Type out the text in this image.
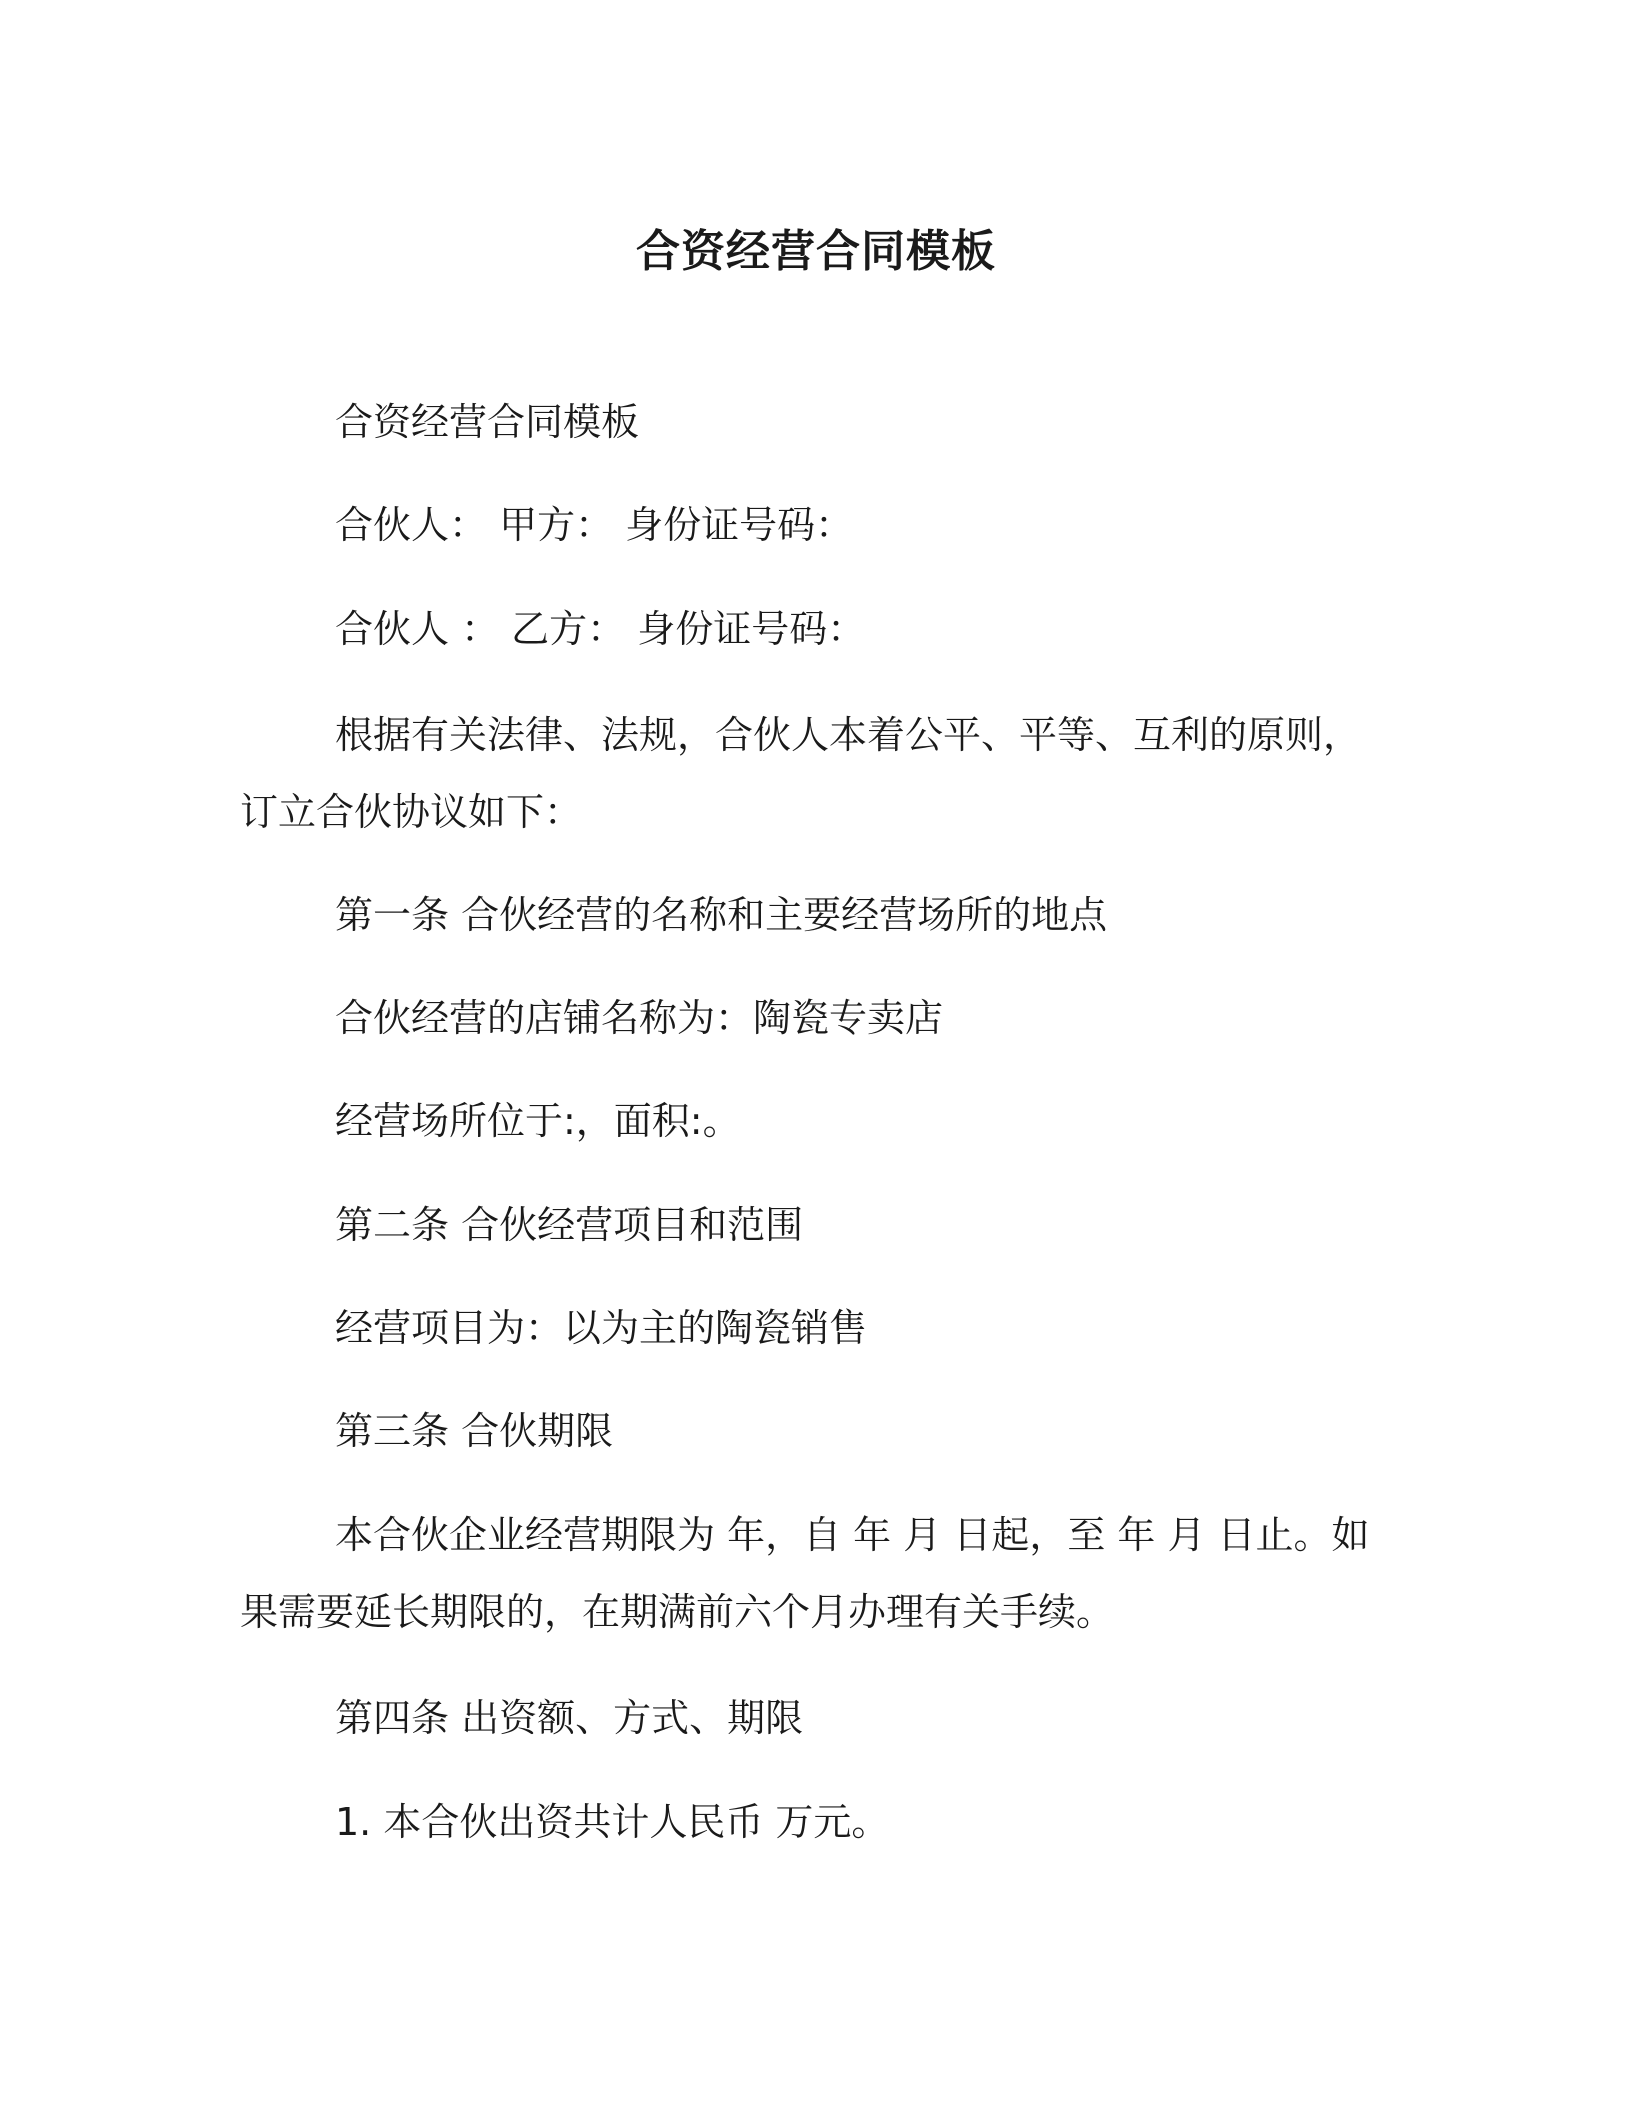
合资经营合同模板

合资经营合同模板

合伙人： 甲方： 身份证号码：

合伙人 ： 乙方： 身份证号码：

根据有关法律、法规，合伙人本着公平、平等、互利的原则，订立合伙协议如下：

第一条 合伙经营的名称和主要经营场所的地点

合伙经营的店铺名称为：陶瓷专卖店

经营场所位于:，面积:。

第二条 合伙经营项目和范围

经营项目为：以为主的陶瓷销售

第三条 合伙期限

本合伙企业经营期限为 年，自 年 月 日起，至 年 月 日止。如果需要延长期限的，在期满前六个月办理有关手续。

第四条 出资额、方式、期限

1. 本合伙出资共计人民币 万元。
